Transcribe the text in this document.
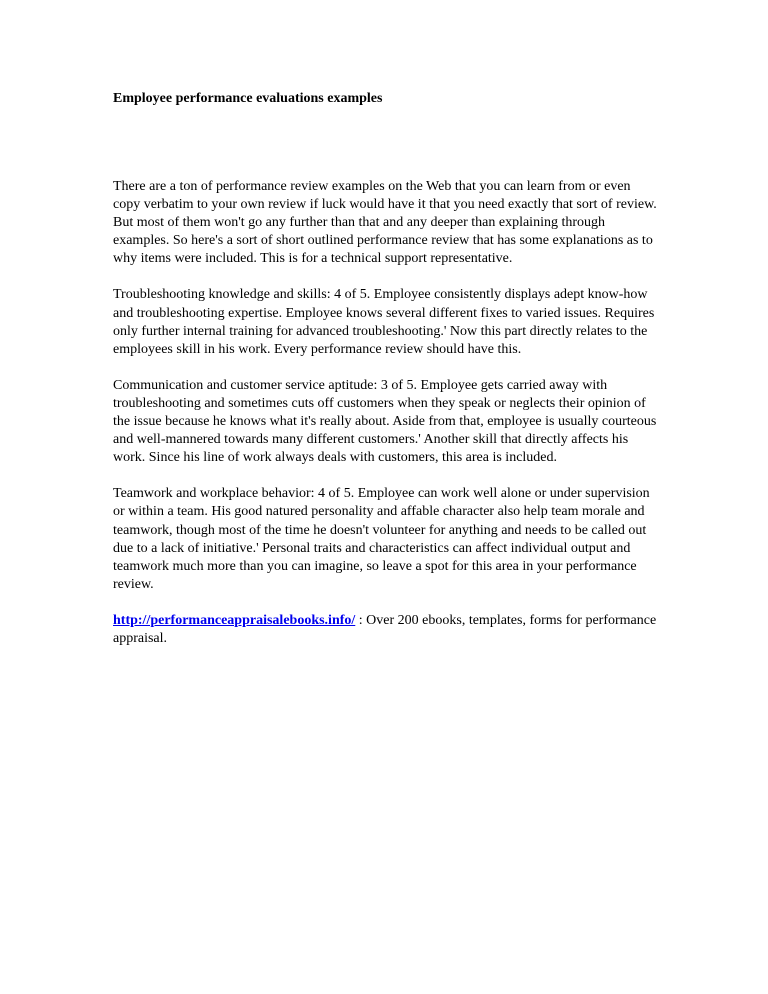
Employee performance evaluations examples

There are a ton of performance review examples on the Web that you can learn from or even copy verbatim to your own review if luck would have it that you need exactly that sort of review. But most of them won't go any further than that and any deeper than explaining through examples. So here's a sort of short outlined performance review that has some explanations as to why items were included. This is for a technical support representative.

Troubleshooting knowledge and skills: 4 of 5. Employee consistently displays adept know-how and troubleshooting expertise. Employee knows several different fixes to varied issues. Requires only further internal training for advanced troubleshooting.' Now this part directly relates to the employees skill in his work. Every performance review should have this.

Communication and customer service aptitude: 3 of 5. Employee gets carried away with troubleshooting and sometimes cuts off customers when they speak or neglects their opinion of the issue because he knows what it's really about. Aside from that, employee is usually courteous and well-mannered towards many different customers.' Another skill that directly affects his work. Since his line of work always deals with customers, this area is included.

Teamwork and workplace behavior: 4 of 5. Employee can work well alone or under supervision or within a team. His good natured personality and affable character also help team morale and teamwork, though most of the time he doesn't volunteer for anything and needs to be called out due to a lack of initiative.' Personal traits and characteristics can affect individual output and teamwork much more than you can imagine, so leave a spot for this area in your performance review.

http://performanceappraisalebooks.info/ : Over 200 ebooks, templates, forms for performance appraisal.
